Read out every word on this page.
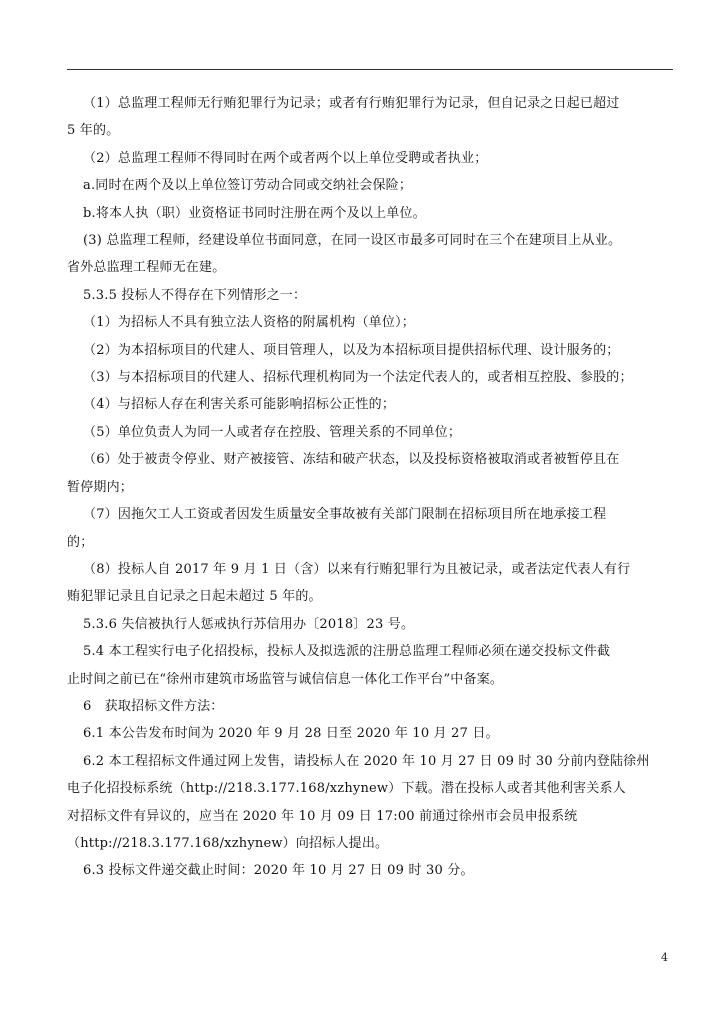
（1）总监理工程师无行贿犯罪行为记录；或者有行贿犯罪行为记录，但自记录之日起已超过
5 年的。
（2）总监理工程师不得同时在两个或者两个以上单位受聘或者执业；
a.同时在两个及以上单位签订劳动合同或交纳社会保险；
b.将本人执（职）业资格证书同时注册在两个及以上单位。
(3) 总监理工程师，经建设单位书面同意，在同一设区市最多可同时在三个在建项目上从业。
省外总监理工程师无在建。
5.3.5 投标人不得存在下列情形之一：
（1）为招标人不具有独立法人资格的附属机构（单位）；
（2）为本招标项目的代建人、项目管理人，以及为本招标项目提供招标代理、设计服务的；
（3）与本招标项目的代建人、招标代理机构同为一个法定代表人的，或者相互控股、参股的；
（4）与招标人存在利害关系可能影响招标公正性的；
（5）单位负责人为同一人或者存在控股、管理关系的不同单位；
（6）处于被责令停业、财产被接管、冻结和破产状态，以及投标资格被取消或者被暂停且在
暂停期内；
（7）因拖欠工人工资或者因发生质量安全事故被有关部门限制在招标项目所在地承接工程
的；
（8）投标人自 2017 年 9 月 1 日（含）以来有行贿犯罪行为且被记录，或者法定代表人有行
贿犯罪记录且自记录之日起未超过 5 年的。
5.3.6 失信被执行人惩戒执行苏信用办〔2018〕23 号。
5.4 本工程实行电子化招投标，投标人及拟选派的注册总监理工程师必须在递交投标文件截
止时间之前已在“徐州市建筑市场监管与诚信信息一体化工作平台”中备案。
6　获取招标文件方法：
6.1 本公告发布时间为 2020 年 9 月 28 日至 2020 年 10 月 27 日。
6.2 本工程招标文件通过网上发售，请投标人在 2020 年 10 月 27 日 09 时 30 分前内登陆徐州
电子化招投标系统（http://218.3.177.168/xzhynew）下载。潜在投标人或者其他利害关系人
对招标文件有异议的，应当在 2020 年 10 月 09 日 17:00 前通过徐州市会员申报系统
（http://218.3.177.168/xzhynew）向招标人提出。
6.3 投标文件递交截止时间：2020 年 10 月 27 日 09 时 30 分。
4
